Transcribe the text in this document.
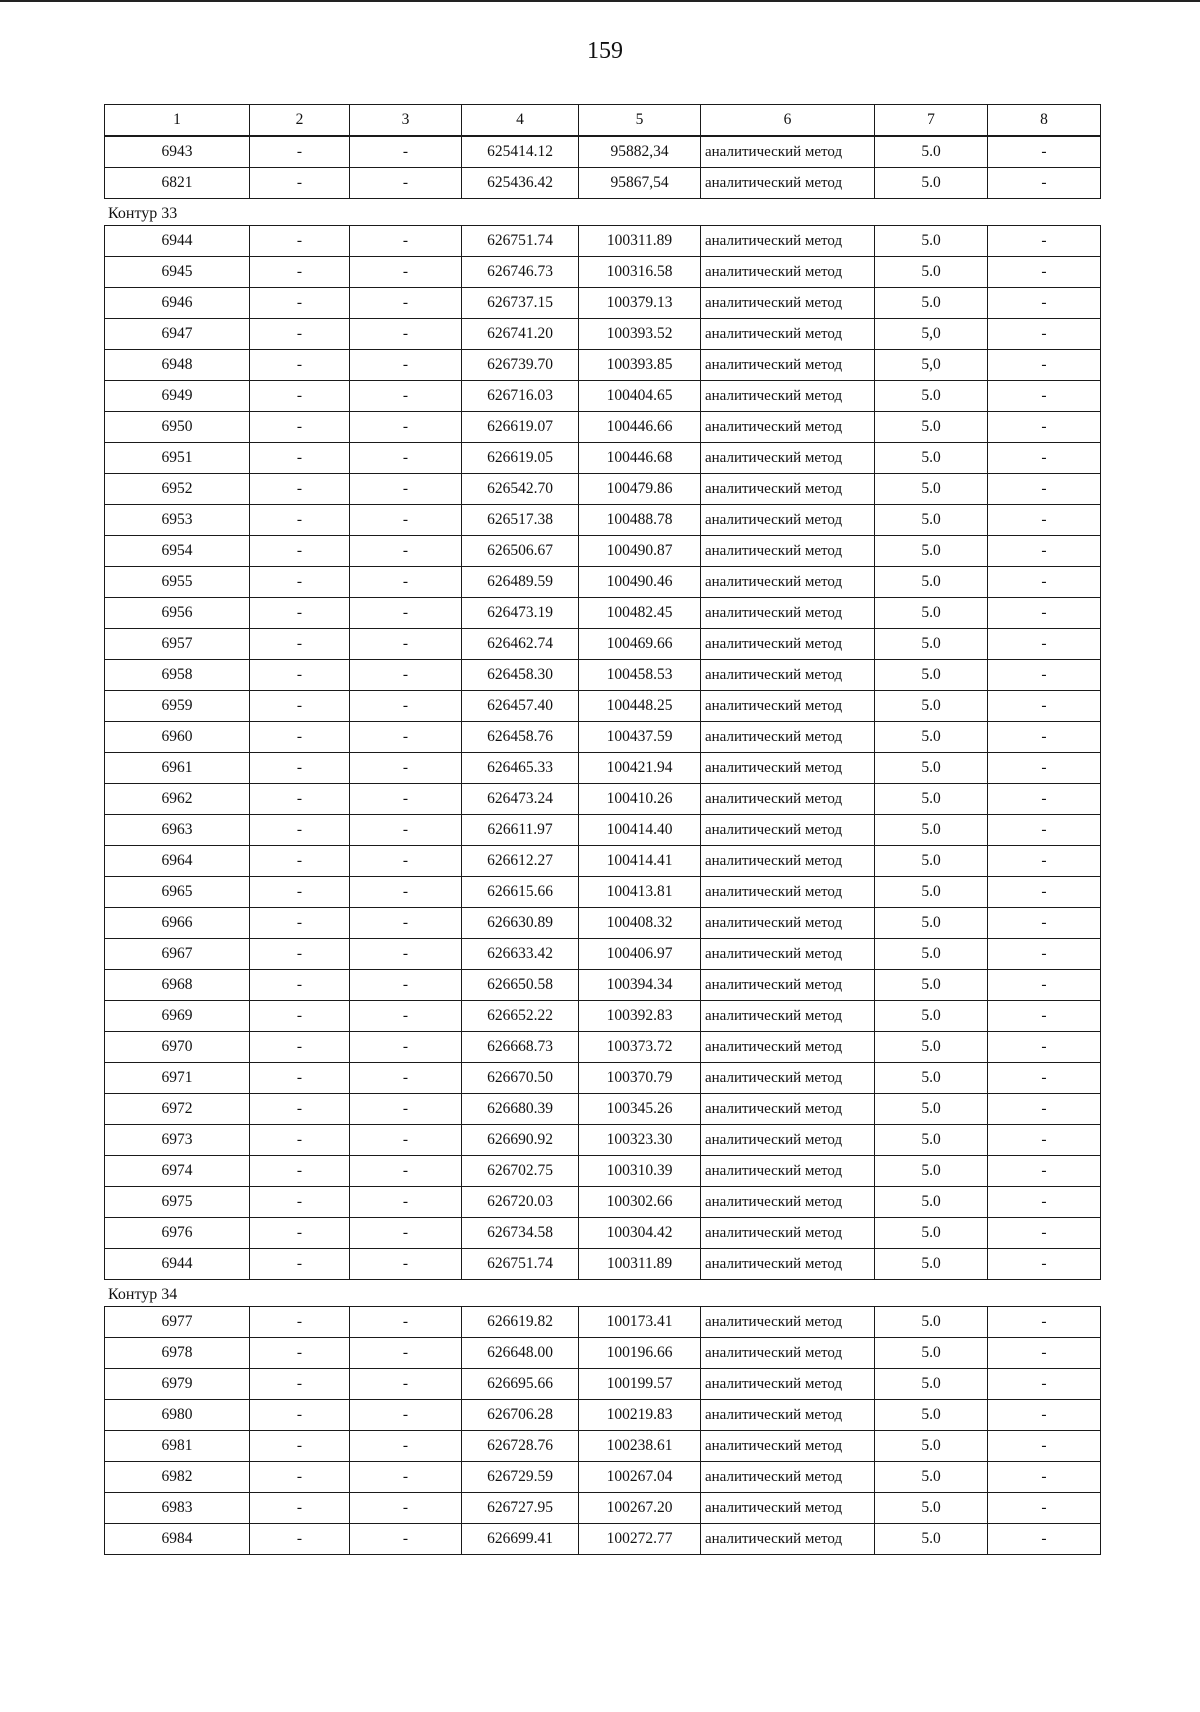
159
1	2	3	4	5	6	7	8
6943	-	-	625414.12	95882,34	аналитический метод	5.0	-
6821	-	-	625436.42	95867,54	аналитический метод	5.0	-
Контур 33
6944	-	-	626751.74	100311.89	аналитический метод	5.0	-
6945	-	-	626746.73	100316.58	аналитический метод	5.0	-
6946	-	-	626737.15	100379.13	аналитический метод	5.0	-
6947	-	-	626741.20	100393.52	аналитический метод	5,0	-
6948	-	-	626739.70	100393.85	аналитический метод	5,0	-
6949	-	-	626716.03	100404.65	аналитический метод	5.0	-
6950	-	-	626619.07	100446.66	аналитический метод	5.0	-
6951	-	-	626619.05	100446.68	аналитический метод	5.0	-
6952	-	-	626542.70	100479.86	аналитический метод	5.0	-
6953	-	-	626517.38	100488.78	аналитический метод	5.0	-
6954	-	-	626506.67	100490.87	аналитический метод	5.0	-
6955	-	-	626489.59	100490.46	аналитический метод	5.0	-
6956	-	-	626473.19	100482.45	аналитический метод	5.0	-
6957	-	-	626462.74	100469.66	аналитический метод	5.0	-
6958	-	-	626458.30	100458.53	аналитический метод	5.0	-
6959	-	-	626457.40	100448.25	аналитический метод	5.0	-
6960	-	-	626458.76	100437.59	аналитический метод	5.0	-
6961	-	-	626465.33	100421.94	аналитический метод	5.0	-
6962	-	-	626473.24	100410.26	аналитический метод	5.0	-
6963	-	-	626611.97	100414.40	аналитический метод	5.0	-
6964	-	-	626612.27	100414.41	аналитический метод	5.0	-
6965	-	-	626615.66	100413.81	аналитический метод	5.0	-
6966	-	-	626630.89	100408.32	аналитический метод	5.0	-
6967	-	-	626633.42	100406.97	аналитический метод	5.0	-
6968	-	-	626650.58	100394.34	аналитический метод	5.0	-
6969	-	-	626652.22	100392.83	аналитический метод	5.0	-
6970	-	-	626668.73	100373.72	аналитический метод	5.0	-
6971	-	-	626670.50	100370.79	аналитический метод	5.0	-
6972	-	-	626680.39	100345.26	аналитический метод	5.0	-
6973	-	-	626690.92	100323.30	аналитический метод	5.0	-
6974	-	-	626702.75	100310.39	аналитический метод	5.0	-
6975	-	-	626720.03	100302.66	аналитический метод	5.0	-
6976	-	-	626734.58	100304.42	аналитический метод	5.0	-
6944	-	-	626751.74	100311.89	аналитический метод	5.0	-
Контур 34
6977	-	-	626619.82	100173.41	аналитический метод	5.0	-
6978	-	-	626648.00	100196.66	аналитический метод	5.0	-
6979	-	-	626695.66	100199.57	аналитический метод	5.0	-
6980	-	-	626706.28	100219.83	аналитический метод	5.0	-
6981	-	-	626728.76	100238.61	аналитический метод	5.0	-
6982	-	-	626729.59	100267.04	аналитический метод	5.0	-
6983	-	-	626727.95	100267.20	аналитический метод	5.0	-
6984	-	-	626699.41	100272.77	аналитический метод	5.0	-
